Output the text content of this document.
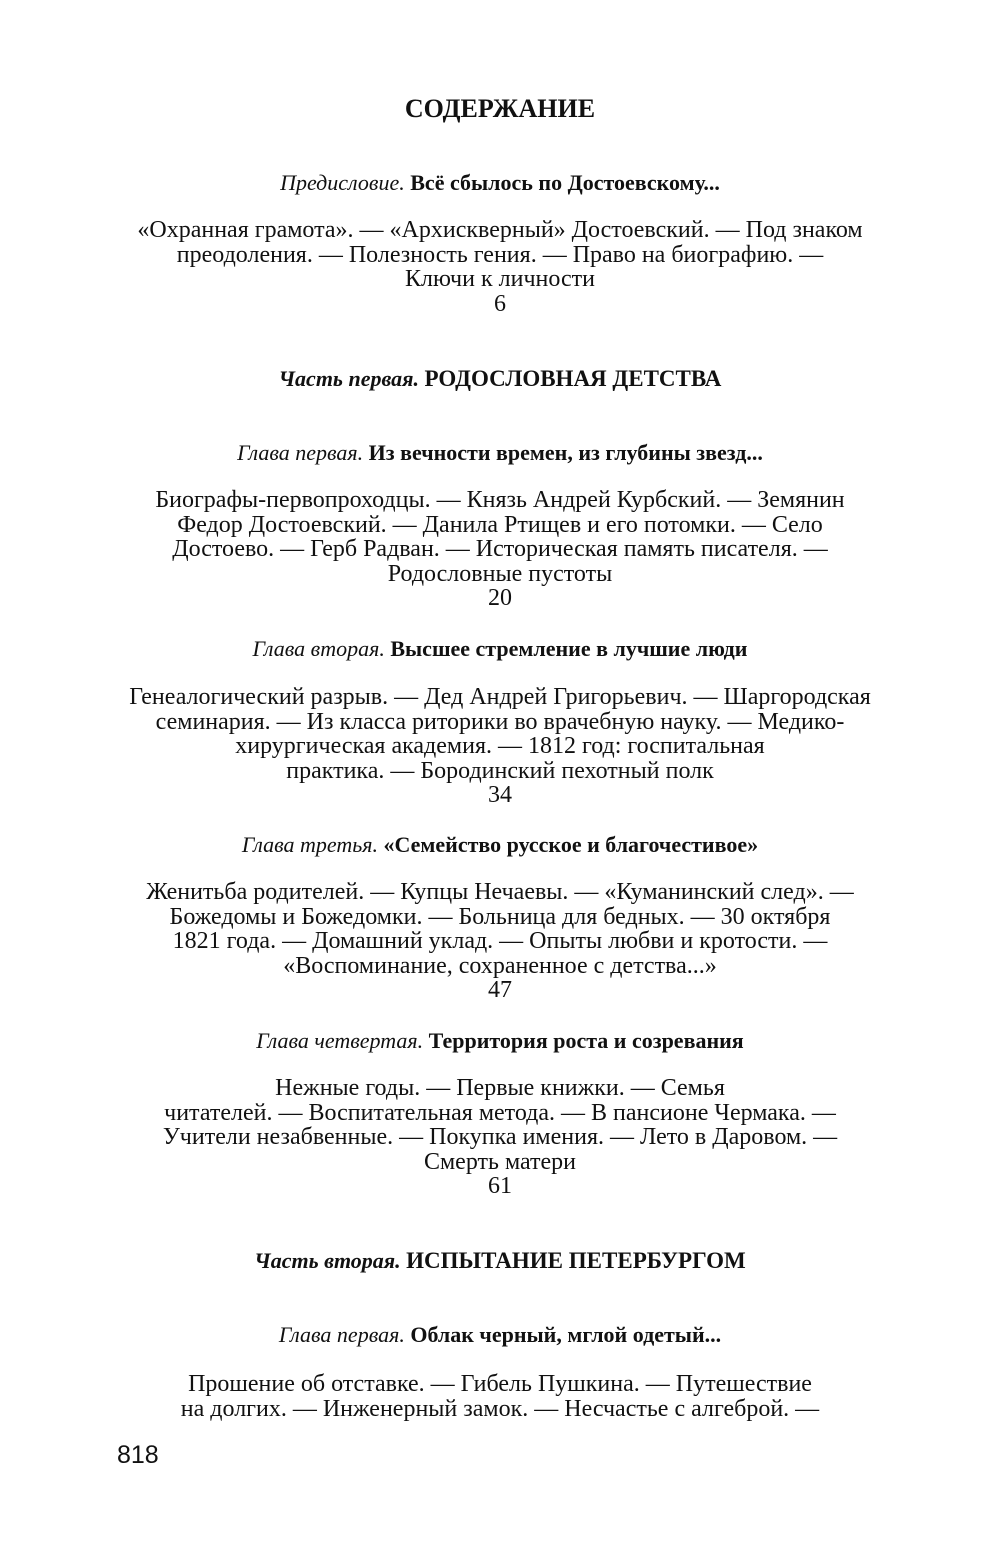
СОДЕРЖАНИЕ
Предисловие. Всё сбылось по Достоевскому...
«Охранная грамота». — «Архискверный» Достоевский. — Под знаком
преодоления. — Полезность гения. — Право на биографию. —
Ключи к личности
6
Часть первая. РОДОСЛОВНАЯ ДЕТСТВА
Глава первая. Из вечности времен, из глубины звезд...
Биографы-первопроходцы. — Князь Андрей Курбский. — Земянин
Федор Достоевский. — Данила Ртищев и его потомки. — Село
Достоево. — Герб Радван. — Историческая память писателя. —
Родословные пустоты
20
Глава вторая. Высшее стремление в лучшие люди
Генеалогический разрыв. — Дед Андрей Григорьевич. — Шаргородская
семинария. — Из класса риторики во врачебную науку. — Медико-
хирургическая академия. — 1812 год: госпитальная
практика. — Бородинский пехотный полк
34
Глава третья. «Семейство русское и благочестивое»
Женитьба родителей. — Купцы Нечаевы. — «Куманинский след». —
Божедомы и Божедомки. — Больница для бедных. — 30 октября
1821 года. — Домашний уклад. — Опыты любви и кротости. —
«Воспоминание, сохраненное с детства...»
47
Глава четвертая. Территория роста и созревания
Нежные годы. — Первые книжки. — Семья
читателей. — Воспитательная метода. — В пансионе Чермака. —
Учители незабвенные. — Покупка имения. — Лето в Даровом. —
Смерть матери
61
Часть вторая. ИСПЫТАНИЕ ПЕТЕРБУРГОМ
Глава первая. Облак черный, мглой одетый...
Прошение об отставке. — Гибель Пушкина. — Путешествие
на долгих. — Инженерный замок. — Несчастье с алгеброй. —
818
